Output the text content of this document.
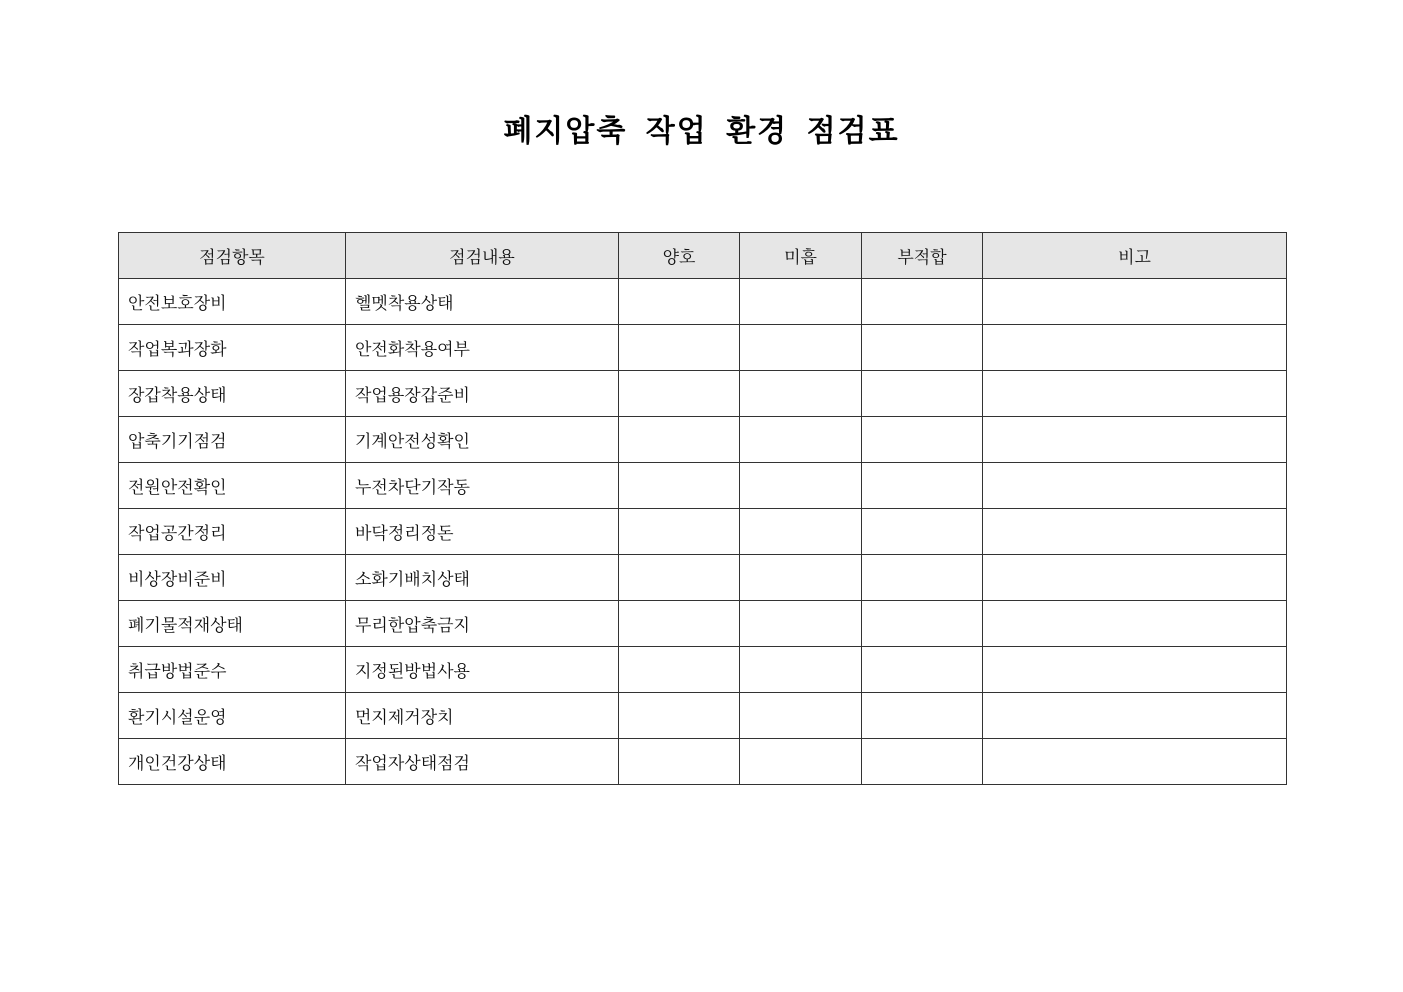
폐지압축 작업 환경 점검표
점검항목	점검내용	양호	미흡	부적합	비고
안전보호장비	헬멧착용상태				
작업복과장화	안전화착용여부				
장갑착용상태	작업용장갑준비				
압축기기점검	기계안전성확인				
전원안전확인	누전차단기작동				
작업공간정리	바닥정리정돈				
비상장비준비	소화기배치상태				
폐기물적재상태	무리한압축금지				
취급방법준수	지정된방법사용				
환기시설운영	먼지제거장치				
개인건강상태	작업자상태점검				
